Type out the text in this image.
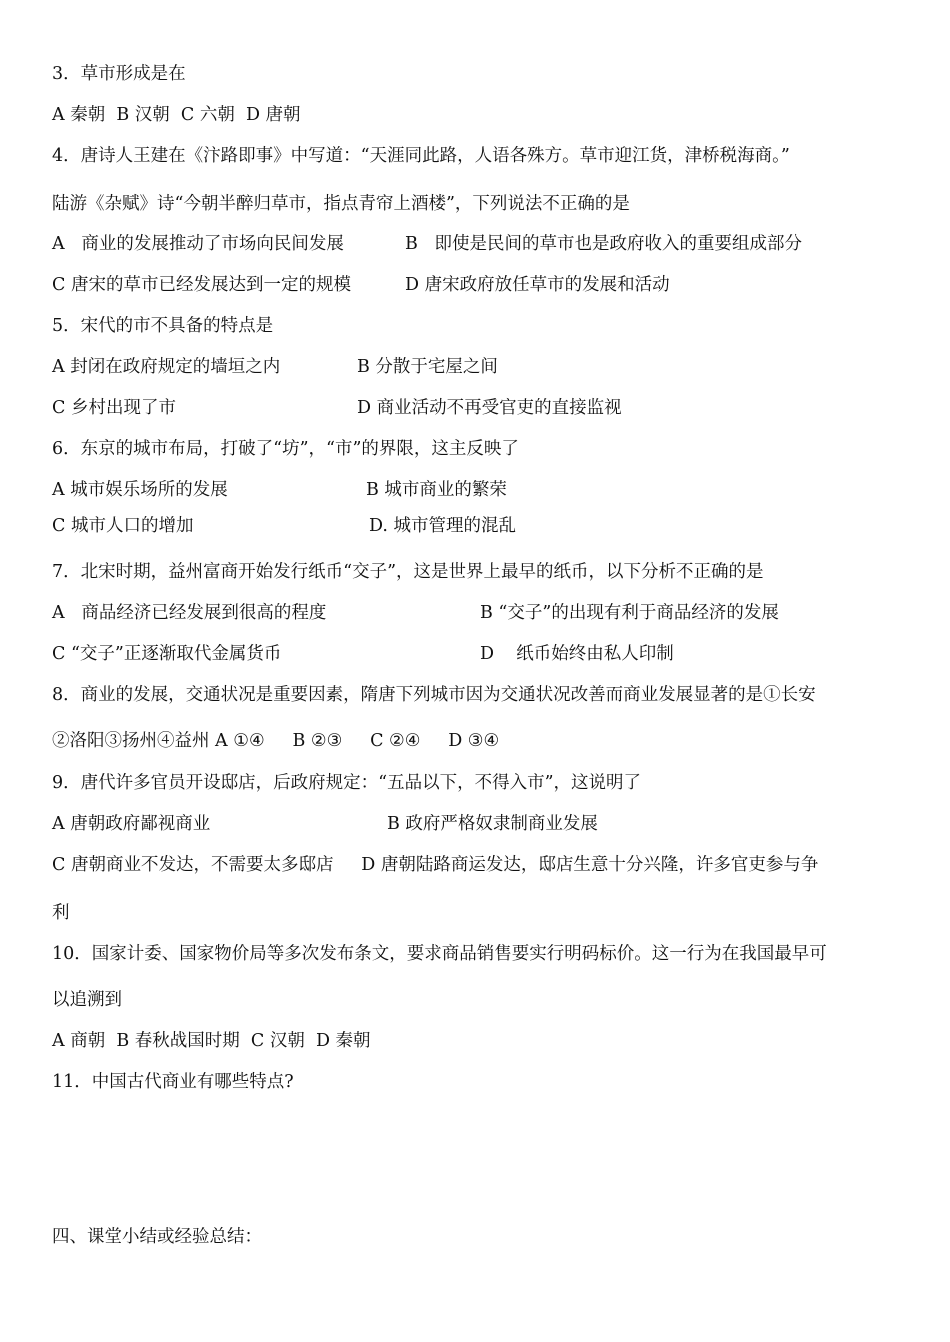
3．草市形成是在
A 秦朝  B 汉朝  C 六朝  D 唐朝
4．唐诗人王建在《汴路即事》中写道：“天涯同此路，人语各殊方。草市迎江货，津桥税海商。”
陆游《杂赋》诗“今朝半醉归草市，指点青帘上酒楼”，下列说法不正确的是
A   商业的发展推动了市场向民间发展	B   即使是民间的草市也是政府收入的重要组成部分
C 唐宋的草市已经发展达到一定的规模	D 唐宋政府放任草市的发展和活动
5．宋代的市不具备的特点是
A 封闭在政府规定的墙垣之内	B 分散于宅屋之间
C 乡村出现了市	D 商业活动不再受官吏的直接监视
6．东京的城市布局，打破了“坊”，“市”的界限，这主反映了
A 城市娱乐场所的发展	B 城市商业的繁荣
C 城市人口的增加	D. 城市管理的混乱
7．北宋时期，益州富商开始发行纸币“交子”，这是世界上最早的纸币，以下分析不正确的是
A   商品经济已经发展到很高的程度	B “交子”的出现有利于商品经济的发展
C “交子”正逐渐取代金属货币	D    纸币始终由私人印制
8．商业的发展，交通状况是重要因素，隋唐下列城市因为交通状况改善而商业发展显著的是①长安
②洛阳③扬州④益州 A ①④     B ②③     C ②④     D ③④
9．唐代许多官员开设邸店，后政府规定：“五品以下，不得入市”，这说明了
A 唐朝政府鄙视商业	B 政府严格奴隶制商业发展
C 唐朝商业不发达，不需要太多邸店     D 唐朝陆路商运发达，邸店生意十分兴隆，许多官吏参与争
利
10．国家计委、国家物价局等多次发布条文，要求商品销售要实行明码标价。这一行为在我国最早可
以追溯到
A 商朝  B 春秋战国时期  C 汉朝  D 秦朝
11．中国古代商业有哪些特点?
四、课堂小结或经验总结：
